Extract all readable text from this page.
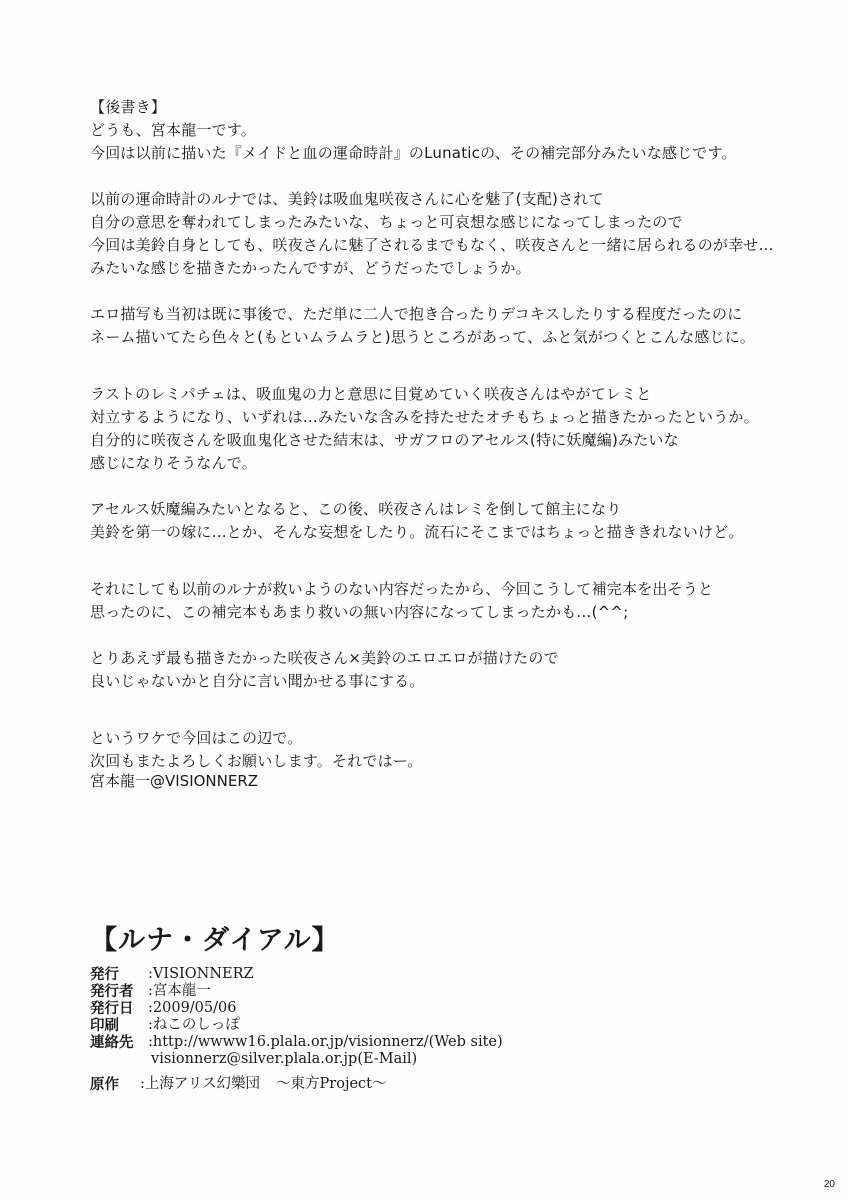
【後書き】
どうも、宮本龍一です。
今回は以前に描いた『メイドと血の運命時計』のLunaticの、その補完部分みたいな感じです。
以前の運命時計のルナでは、美鈴は吸血鬼咲夜さんに心を魅了(支配)されて
自分の意思を奪われてしまったみたいな、ちょっと可哀想な感じになってしまったので
今回は美鈴自身としても、咲夜さんに魅了されるまでもなく、咲夜さんと一緒に居られるのが幸せ…
みたいな感じを描きたかったんですが、どうだったでしょうか。
エロ描写も当初は既に事後で、ただ単に二人で抱き合ったりデコキスしたりする程度だったのに
ネーム描いてたら色々と(もといムラムラと)思うところがあって、ふと気がつくとこんな感じに。
ラストのレミパチェは、吸血鬼の力と意思に目覚めていく咲夜さんはやがてレミと
対立するようになり、いずれは…みたいな含みを持たせたオチもちょっと描きたかったというか。
自分的に咲夜さんを吸血鬼化させた結末は、サガフロのアセルス(特に妖魔編)みたいな
感じになりそうなんで。
アセルス妖魔編みたいとなると、この後、咲夜さんはレミを倒して館主になり
美鈴を第一の嫁に…とか、そんな妄想をしたり。流石にそこまではちょっと描ききれないけど。
それにしても以前のルナが救いようのない内容だったから、今回こうして補完本を出そうと
思ったのに、この補完本もあまり救いの無い内容になってしまったかも…(^^;
とりあえず最も描きたかった咲夜さん×美鈴のエロエロが描けたので
良いじゃないかと自分に言い聞かせる事にする。
というワケで今回はこの辺で。
次回もまたよろしくお願いします。それではー。
宮本龍一@VISIONNERZ
【ルナ・ダイアル】
発行	: VISIONNERZ
発行者	: 宮本龍一
発行日	: 2009/05/06
印刷	: ねこのしっぽ
連絡先	: http://wwww16.plala.or.jp/visionnerz/(Web site)
visionnerz@silver.plala.or.jp(E-Mail)
原作	: 上海アリス幻樂団	～東方Project～
20
